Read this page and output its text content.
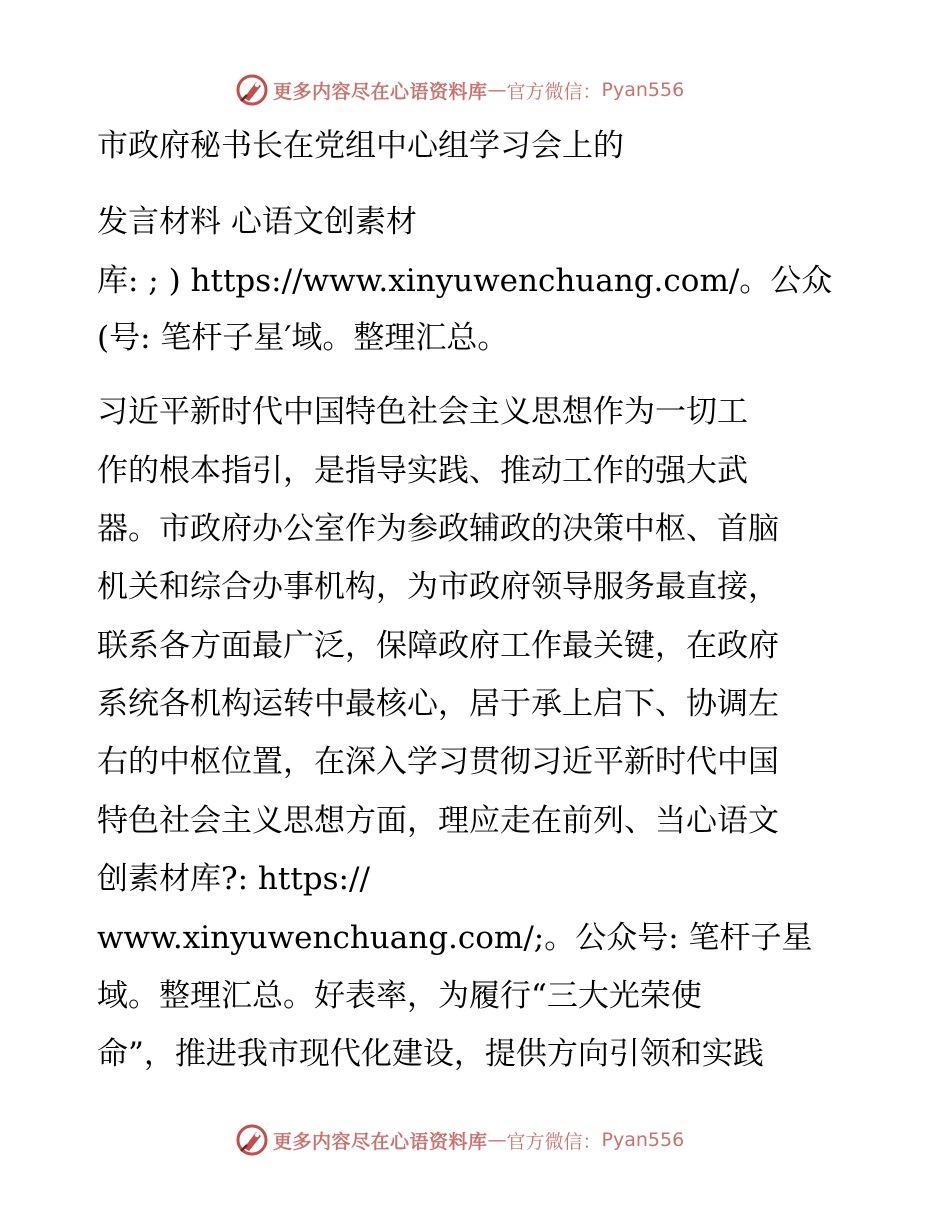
更多内容尽在心语资料库 — 官方微信： Pyan556
市政府秘书长在党组中心组学习会上的
发言材料 心语文创素材
库: ; ) https://www.xinyuwenchuang.com/。公众
(号: 笔杆子星′域。整理汇总。
习近平新时代中国特色社会主义思想作为一切工
作的根本指引，是指导实践、推动工作的强大武
器。市政府办公室作为参政辅政的决策中枢、首脑
机关和综合办事机构，为市政府领导服务最直接，
联系各方面最广泛，保障政府工作最关键，在政府
系统各机构运转中最核心，居于承上启下、协调左
右的中枢位置，在深入学习贯彻习近平新时代中国
特色社会主义思想方面，理应走在前列、当心语文
创素材库?: https://
www.xinyuwenchuang.com/;。公众号: 笔杆子星
域。整理汇总。好表率，为履行“三大光荣使
命”，推进我市现代化建设，提供方向引领和实践
更多内容尽在心语资料库 — 官方微信： Pyan556
